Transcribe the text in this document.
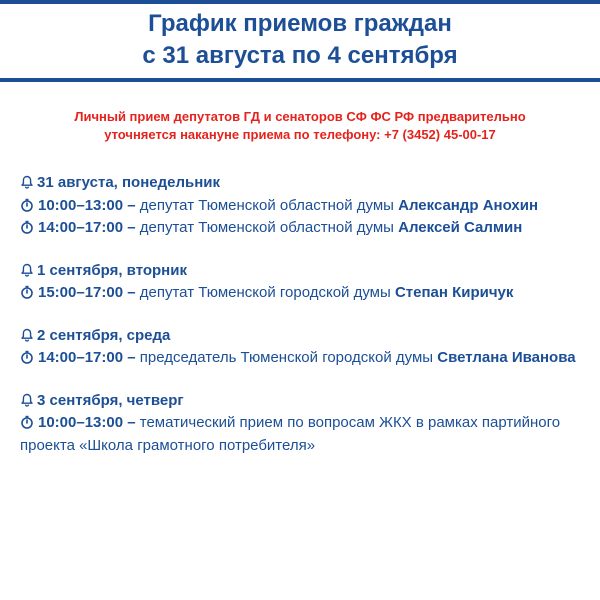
График приемов граждан
с 31 августа по 4 сентября
Личный прием депутатов ГД и сенаторов СФ ФС РФ предварительно
уточняется накануне приема по телефону: +7 (3452) 45-00-17

31 августа, понедельник

10:00–13:00 – депутат Тюменской областной думы Александр Анохин

14:00–17:00 – депутат Тюменской областной думы Алексей Салмин

1 сентября, вторник

15:00–17:00 – депутат Тюменской городской думы Степан Киричук

2 сентября, среда

14:00–17:00 – председатель Тюменской городской думы Светлана Иванова

3 сентября, четверг

10:00–13:00 – тематический прием по вопросам ЖКХ в рамках партийного проекта «Школа грамотного потребителя»
